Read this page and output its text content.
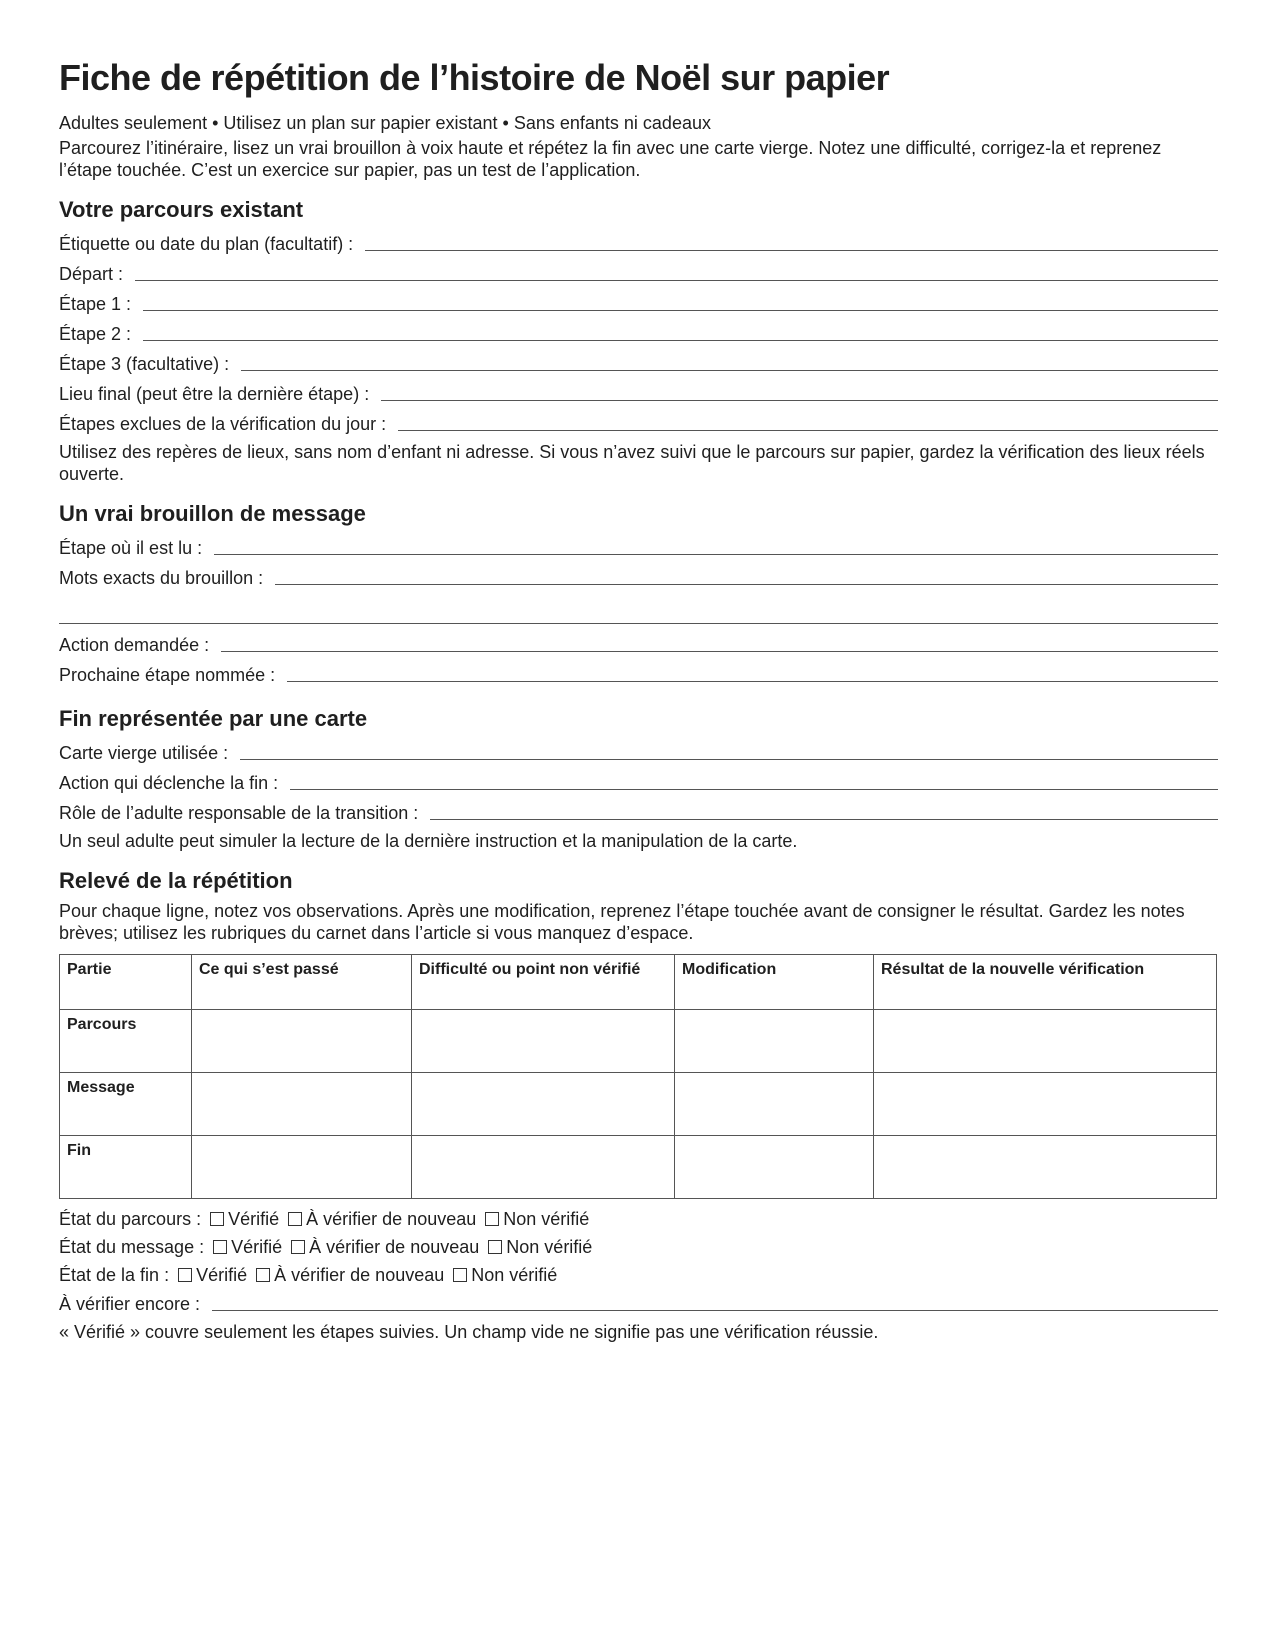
Fiche de répétition de l’histoire de Noël sur papier

Adultes seulement • Utilisez un plan sur papier existant • Sans enfants ni cadeaux

Parcourez l’itinéraire, lisez un vrai brouillon à voix haute et répétez la fin avec une carte vierge. Notez une difficulté, corrigez-la et reprenez l’étape touchée. C’est un exercice sur papier, pas un test de l’application.

Votre parcours existant
Étiquette ou date du plan (facultatif) :
Départ :
Étape 1 :
Étape 2 :
Étape 3 (facultative) :
Lieu final (peut être la dernière étape) :
Étapes exclues de la vérification du jour :

Utilisez des repères de lieux, sans nom d’enfant ni adresse. Si vous n’avez suivi que le parcours sur papier, gardez la vérification des lieux réels ouverte.

Un vrai brouillon de message
Étape où il est lu :
Mots exacts du brouillon :
Action demandée :
Prochaine étape nommée :
Fin représentée par une carte
Carte vierge utilisée :
Action qui déclenche la fin :
Rôle de l’adulte responsable de la transition :

Un seul adulte peut simuler la lecture de la dernière instruction et la manipulation de la carte.

Relevé de la répétition

Pour chaque ligne, notez vos observations. Après une modification, reprenez l’étape touchée avant de consigner le résultat. Gardez les notes brèves; utilisez les rubriques du carnet dans l’article si vous manquez d’espace.

Partie	Ce qui s’est passé	Difficulté ou point non vérifié	Modification	Résultat de la nouvelle vérification
Parcours				
Message				
Fin				
État du parcours : Vérifié À vérifier de nouveau Non vérifié
État du message : Vérifié À vérifier de nouveau Non vérifié
État de la fin : Vérifié À vérifier de nouveau Non vérifié
À vérifier encore :

« Vérifié » couvre seulement les étapes suivies. Un champ vide ne signifie pas une vérification réussie.
